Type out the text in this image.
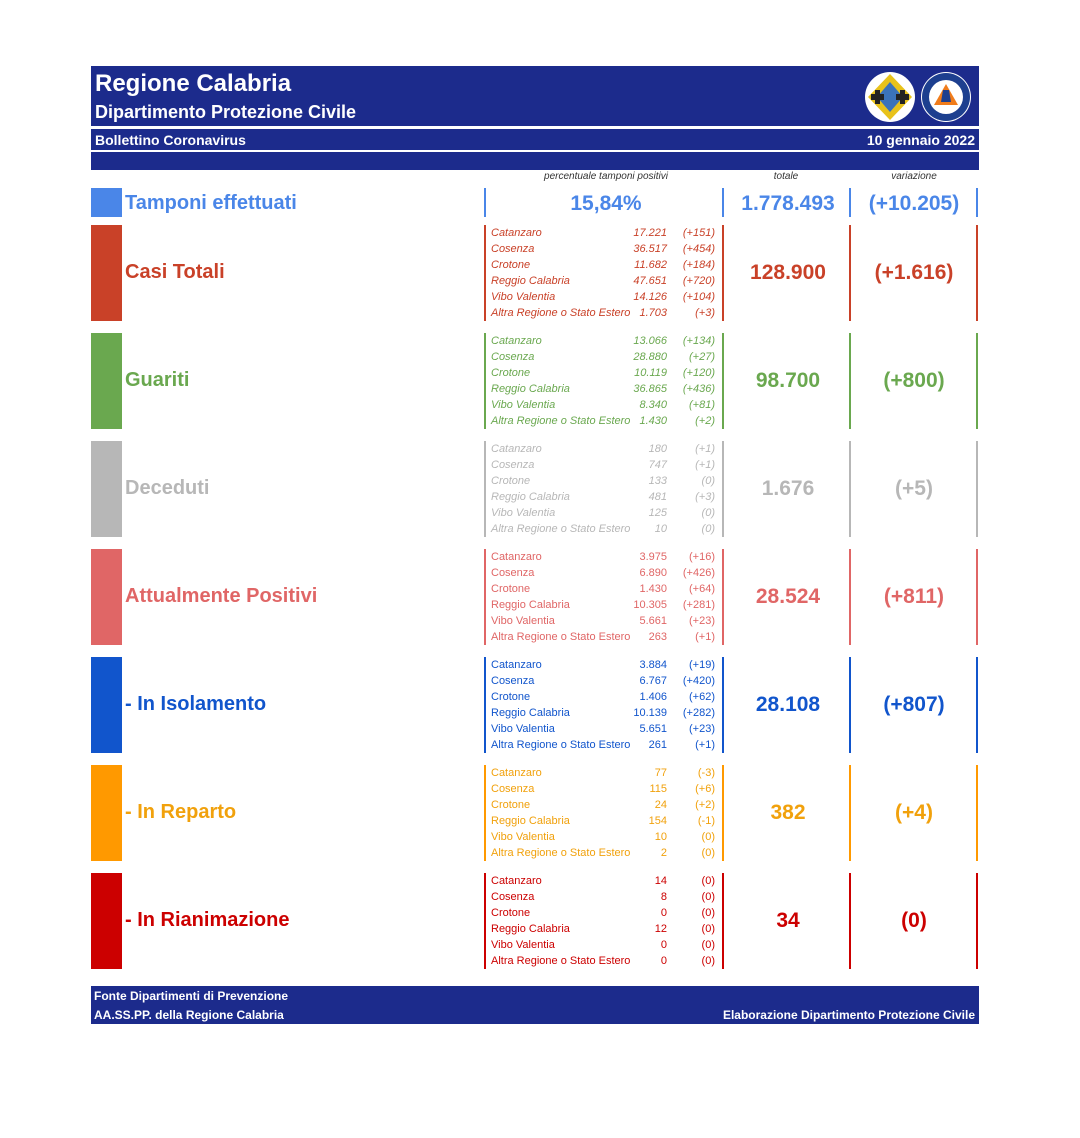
Regione Calabria
Dipartimento Protezione Civile
Bollettino Coronavirus	10 gennaio 2022
percentuale tamponi positivi	totale	variazione
Tamponi effettuati	15,84%	1.778.493	(+10.205)
Casi Totali
Catanzaro	17.221 (+151)
Cosenza	36.517 (+454)
Crotone	11.682 (+184)
Reggio Calabria	47.651 (+720)
Vibo Valentia	14.126 (+104)
Altra Regione o Stato Estero 1.703	(+3)
128.900	(+1.616)
Guariti
Catanzaro	13.066 (+134)
Cosenza	28.880 (+27)
Crotone	10.119 (+120)
Reggio Calabria	36.865 (+436)
Vibo Valentia	8.340 (+81)
Altra Regione o Stato Estero 1.430	(+2)
98.700	(+800)
Deceduti
Catanzaro	180	(+1)
Cosenza	747	(+1)
Crotone	133	(0)
Reggio Calabria	481	(+3)
Vibo Valentia	125	(0)
Altra Regione o Stato Estero 10	(0)
1.676	(+5)
Attualmente Positivi
Catanzaro	3.975 (+16)
Cosenza	6.890 (+426)
Crotone	1.430 (+64)
Reggio Calabria	10.305 (+281)
Vibo Valentia	5.661 (+23)
Altra Regione o Stato Estero 263	(+1)
28.524	(+811)
- In Isolamento
Catanzaro	3.884 (+19)
Cosenza	6.767 (+420)
Crotone	1.406 (+62)
Reggio Calabria	10.139 (+282)
Vibo Valentia	5.651 (+23)
Altra Regione o Stato Estero 261	(+1)
28.108	(+807)
- In Reparto
Catanzaro	77	(-3)
Cosenza	115	(+6)
Crotone	24	(+2)
Reggio Calabria	154	(-1)
Vibo Valentia	10	(0)
Altra Regione o Stato Estero	2	(0)
382	(+4)
- In Rianimazione
Catanzaro	14	(0)
Cosenza	8	(0)
Crotone	0	(0)
Reggio Calabria	12	(0)
Vibo Valentia	0	(0)
Altra Regione o Stato Estero	0	(0)
34	(0)
Fonte Dipartimenti di Prevenzione
AA.SS.PP. della Regione Calabria	Elaborazione Dipartimento Protezione Civile
